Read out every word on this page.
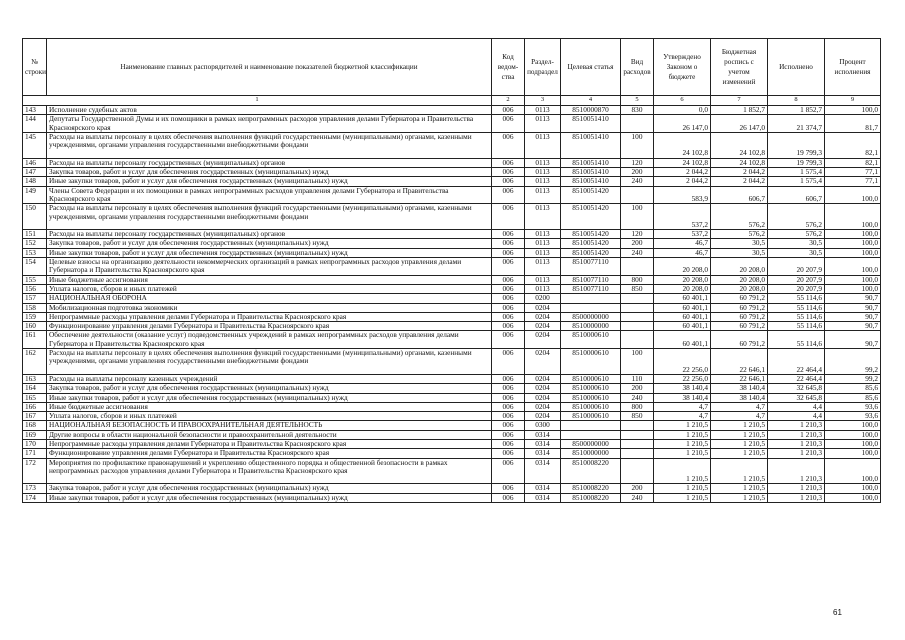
№ строки	Наименование главных распорядителей и наименование показателей бюджетной классификации	Код ведом-ства	Раздел-подраздел	Целевая статья	Вид расходов	Утверждено Законом о бюджете	Бюджетная роспись с учетом изменений	Исполнено	Процент исполнения
1		2	3	4	5	6	7	8	9
143	Исполнение судебных актов	006	0113	8510000870	830	0,0	1 852,7	1 852,7	100,0
144	Депутаты Государственной Думы и их помощники в рамках непрограммных расходов управления делами Губернатора и Правительства Красноярского края	006	0113	8510051410		26 147,0	26 147,0	21 374,7	81,7
145	Расходы на выплаты персоналу в целях обеспечения выполнения функций государственными (муниципальными) органами, казенными учреждениями, органами управления государственными внебюджетными фондами	006	0113	8510051410	100	24 102,8	24 102,8	19 799,3	82,1
146	Расходы на выплаты персоналу государственных (муниципальных) органов	006	0113	8510051410	120	24 102,8	24 102,8	19 799,3	82,1
147	Закупка товаров, работ и услуг для обеспечения государственных (муниципальных) нужд	006	0113	8510051410	200	2 044,2	2 044,2	1 575,4	77,1
148	Иные закупки товаров, работ и услуг для обеспечения государственных (муниципальных) нужд	006	0113	8510051410	240	2 044,2	2 044,2	1 575,4	77,1
149	Члены Совета Федерации и их помощники в рамках непрограммных расходов управления делами Губернатора и Правительства Красноярского края	006	0113	8510051420		583,9	606,7	606,7	100,0
150	Расходы на выплаты персоналу в целях обеспечения выполнения функций государственными (муниципальными) органами, казенными учреждениями, органами управления государственными внебюджетными фондами	006	0113	8510051420	100	537,2	576,2	576,2	100,0
151	Расходы на выплаты персоналу государственных (муниципальных) органов	006	0113	8510051420	120	537,2	576,2	576,2	100,0
152	Закупка товаров, работ и услуг для обеспечения государственных (муниципальных) нужд	006	0113	8510051420	200	46,7	30,5	30,5	100,0
153	Иные закупки товаров, работ и услуг для обеспечения государственных (муниципальных) нужд	006	0113	8510051420	240	46,7	30,5	30,5	100,0
154	Целевые взносы на организацию деятельности некоммерческих организаций в рамках непрограммных расходов управления делами Губернатора и Правительства Красноярского края	006	0113	8510077110		20 208,0	20 208,0	20 207,9	100,0
155	Иные бюджетные ассигнования	006	0113	8510077110	800	20 208,0	20 208,0	20 207,9	100,0
156	Уплата налогов, сборов и иных платежей	006	0113	8510077110	850	20 208,0	20 208,0	20 207,9	100,0
157	НАЦИОНАЛЬНАЯ ОБОРОНА	006	0200			60 401,1	60 791,2	55 114,6	90,7
158	Мобилизационная подготовка экономики	006	0204			60 401,1	60 791,2	55 114,6	90,7
159	Непрограммные расходы управления делами Губернатора и Правительства Красноярского края	006	0204	8500000000		60 401,1	60 791,2	55 114,6	90,7
160	Функционирование управления делами Губернатора и Правительства Красноярского края	006	0204	8510000000		60 401,1	60 791,2	55 114,6	90,7
161	Обеспечение деятельности (оказание услуг) подведомственных учреждений в рамках непрограммных расходов управления делами Губернатора и Правительства Красноярского края	006	0204	8510000610		60 401,1	60 791,2	55 114,6	90,7
162	Расходы на выплаты персоналу в целях обеспечения выполнения функций государственными (муниципальными) органами, казенными учреждениями, органами управления государственными внебюджетными фондами	006	0204	8510000610	100	22 256,0	22 646,1	22 464,4	99,2
163	Расходы на выплаты персоналу казенных учреждений	006	0204	8510000610	110	22 256,0	22 646,1	22 464,4	99,2
164	Закупка товаров, работ и услуг для обеспечения государственных (муниципальных) нужд	006	0204	8510000610	200	38 140,4	38 140,4	32 645,8	85,6
165	Иные закупки товаров, работ и услуг для обеспечения государственных (муниципальных) нужд	006	0204	8510000610	240	38 140,4	38 140,4	32 645,8	85,6
166	Иные бюджетные ассигнования	006	0204	8510000610	800	4,7	4,7	4,4	93,6
167	Уплата налогов, сборов и иных платежей	006	0204	8510000610	850	4,7	4,7	4,4	93,6
168	НАЦИОНАЛЬНАЯ БЕЗОПАСНОСТЬ И ПРАВООХРАНИТЕЛЬНАЯ ДЕЯТЕЛЬНОСТЬ	006	0300			1 210,5	1 210,5	1 210,3	100,0
169	Другие вопросы в области национальной безопасности и правоохранительной деятельности	006	0314			1 210,5	1 210,5	1 210,3	100,0
170	Непрограммные расходы управления делами Губернатора и Правительства Красноярского края	006	0314	8500000000		1 210,5	1 210,5	1 210,3	100,0
171	Функционирование управления делами Губернатора и Правительства Красноярского края	006	0314	8510000000		1 210,5	1 210,5	1 210,3	100,0
172	Мероприятия по профилактике правонарушений и укреплению общественного порядка и общественной безопасности в рамках непрограммных расходов управления делами Губернатора и Правительства Красноярского края	006	0314	8510008220		1 210,5	1 210,5	1 210,3	100,0
173	Закупка товаров, работ и услуг для обеспечения государственных (муниципальных) нужд	006	0314	8510008220	200	1 210,5	1 210,5	1 210,3	100,0
174	Иные закупки товаров, работ и услуг для обеспечения государственных (муниципальных) нужд	006	0314	8510008220	240	1 210,5	1 210,5	1 210,3	100,0
61
